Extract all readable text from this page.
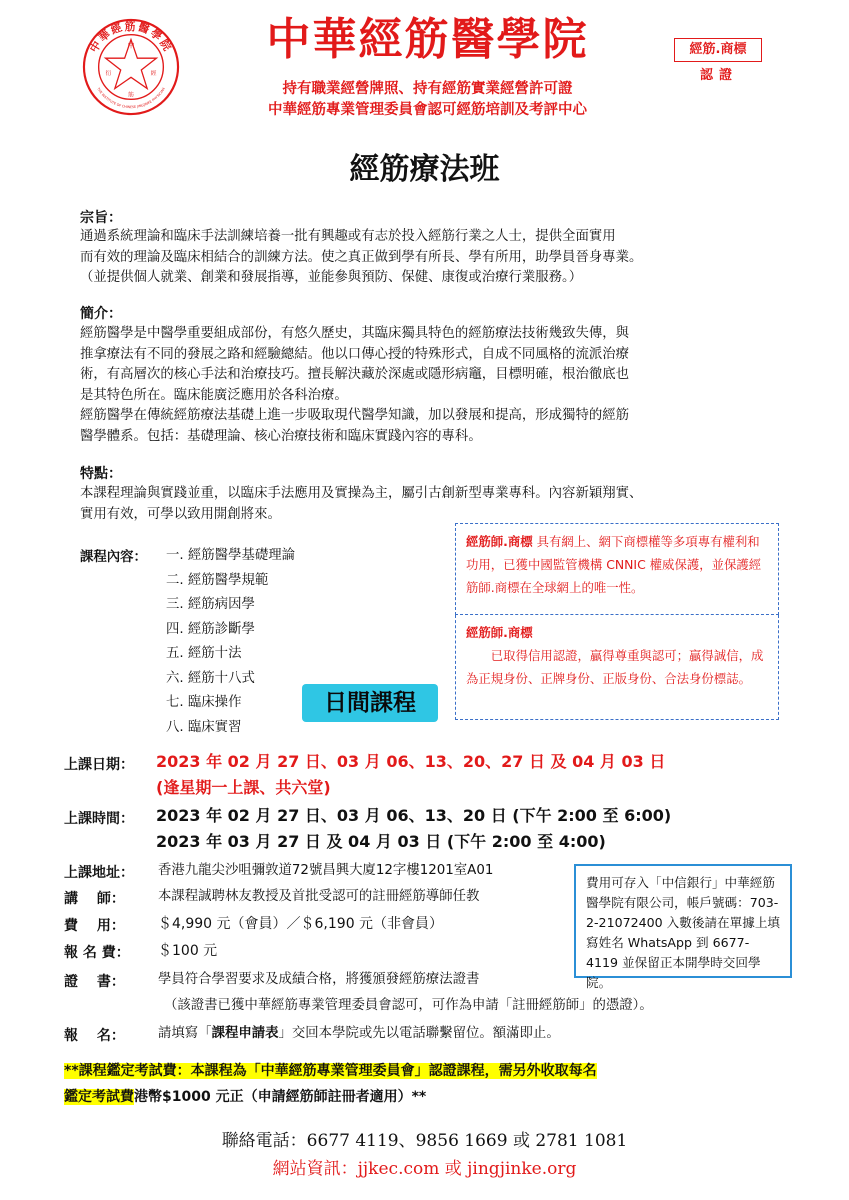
中華經筋醫學院
THE INSTITUTE OF CHINESE JINGJINKE PHYSICIAN
中
衍	經
筋
中華經筋醫學院
持有職業經營牌照、持有經筋實業經營許可證
中華經筋專業管理委員會認可經筋培訓及考評中心
經筋.商標
認證
經筋療法班
宗旨：

通過系統理論和臨床手法訓練培養一批有興趣或有志於投入經筋行業之人士，提供全面實用

而有效的理論及臨床相結合的訓練方法。使之真正做到學有所長、學有所用，助學員晉身專業。

（並提供個人就業、創業和發展指導，並能參與預防、保健、康復或治療行業服務。）

簡介：

經筋醫學是中醫學重要組成部份，有悠久歷史，其臨床獨具特色的經筋療法技術幾致失傳，與

推拿療法有不同的發展之路和經驗總結。他以口傳心授的特殊形式，自成不同風格的流派治療

術，有高層次的核心手法和治療技巧。擅長解決藏於深處或隱形病竈，目標明確，根治徹底也

是其特色所在。臨床能廣泛應用於各科治療。

經筋醫學在傳統經筋療法基礎上進一步吸取現代醫學知識，加以發展和提高，形成獨特的經筋

醫學體系。包括：基礎理論、核心治療技術和臨床實踐內容的專科。

特點：

本課程理論與實踐並重，以臨床手法應用及實操為主，屬引古創新型專業專科。內容新穎翔實、

實用有效，可學以致用開創將來。

課程內容： 一. 經筋醫學基礎理論
二. 經筋醫學規範
三. 經筋病因學
四. 經筋診斷學
五. 經筋十法
六. 經筋十八式
七. 臨床操作
八. 臨床實習
日間課程
經筋師.商標 具有網上、網下商標權等多項專有權利和功用，已獲中國監管機構 CNNIC 權威保護，並保護經筋師.商標在全球網上的唯一性。
經筋師.商標
已取得信用認證，贏得尊重與認可；贏得誠信，成為正規身份、正牌身份、正版身份、合法身份標誌。
上課日期： 2023 年 02 月 27 日、03 月 06、13、20、27 日 及 04 月 03 日
(逢星期一上課、共六堂)
上課時間： 2023 年 02 月 27 日、03 月 06、13、20 日 (下午 2:00 至 6:00)
2023 年 03 月 27 日 及 04 月 03 日 (下午 2:00 至 4:00)
上課地址：	香港九龍尖沙咀彌敦道72號昌興大廈12字樓1201室A01
講　 師：	本課程誠聘林友教授及首批受認可的註冊經筋導師任教
費　 用：	＄4,990 元（會員）／＄6,190 元（非會員）
報 名 費：	＄100 元
證　 書：	學員符合學習要求及成績合格，將獲頒發經筋療法證書
（該證書已獲中華經筋專業管理委員會認可，可作為申請「註冊經筋師」的憑證）。
報　 名：	請填寫「課程申請表」交回本學院或先以電話聯繫留位。額滿即止。
費用可存入「中信銀行」中華經筋醫學院有限公司，帳戶號碼：703-2-21072400 入數後請在單據上填寫姓名 WhatsApp 到 6677-4119 並保留正本開學時交回學院。
**課程鑑定考試費：本課程為「中華經筋專業管理委員會」認證課程，需另外收取每名
鑑定考試費港幣$1000 元正（申請經筋師註冊者適用）**
聯絡電話：6677 4119、9856 1669 或 2781 1081
網站資訊：jjkec.com 或 jingjinke.org
